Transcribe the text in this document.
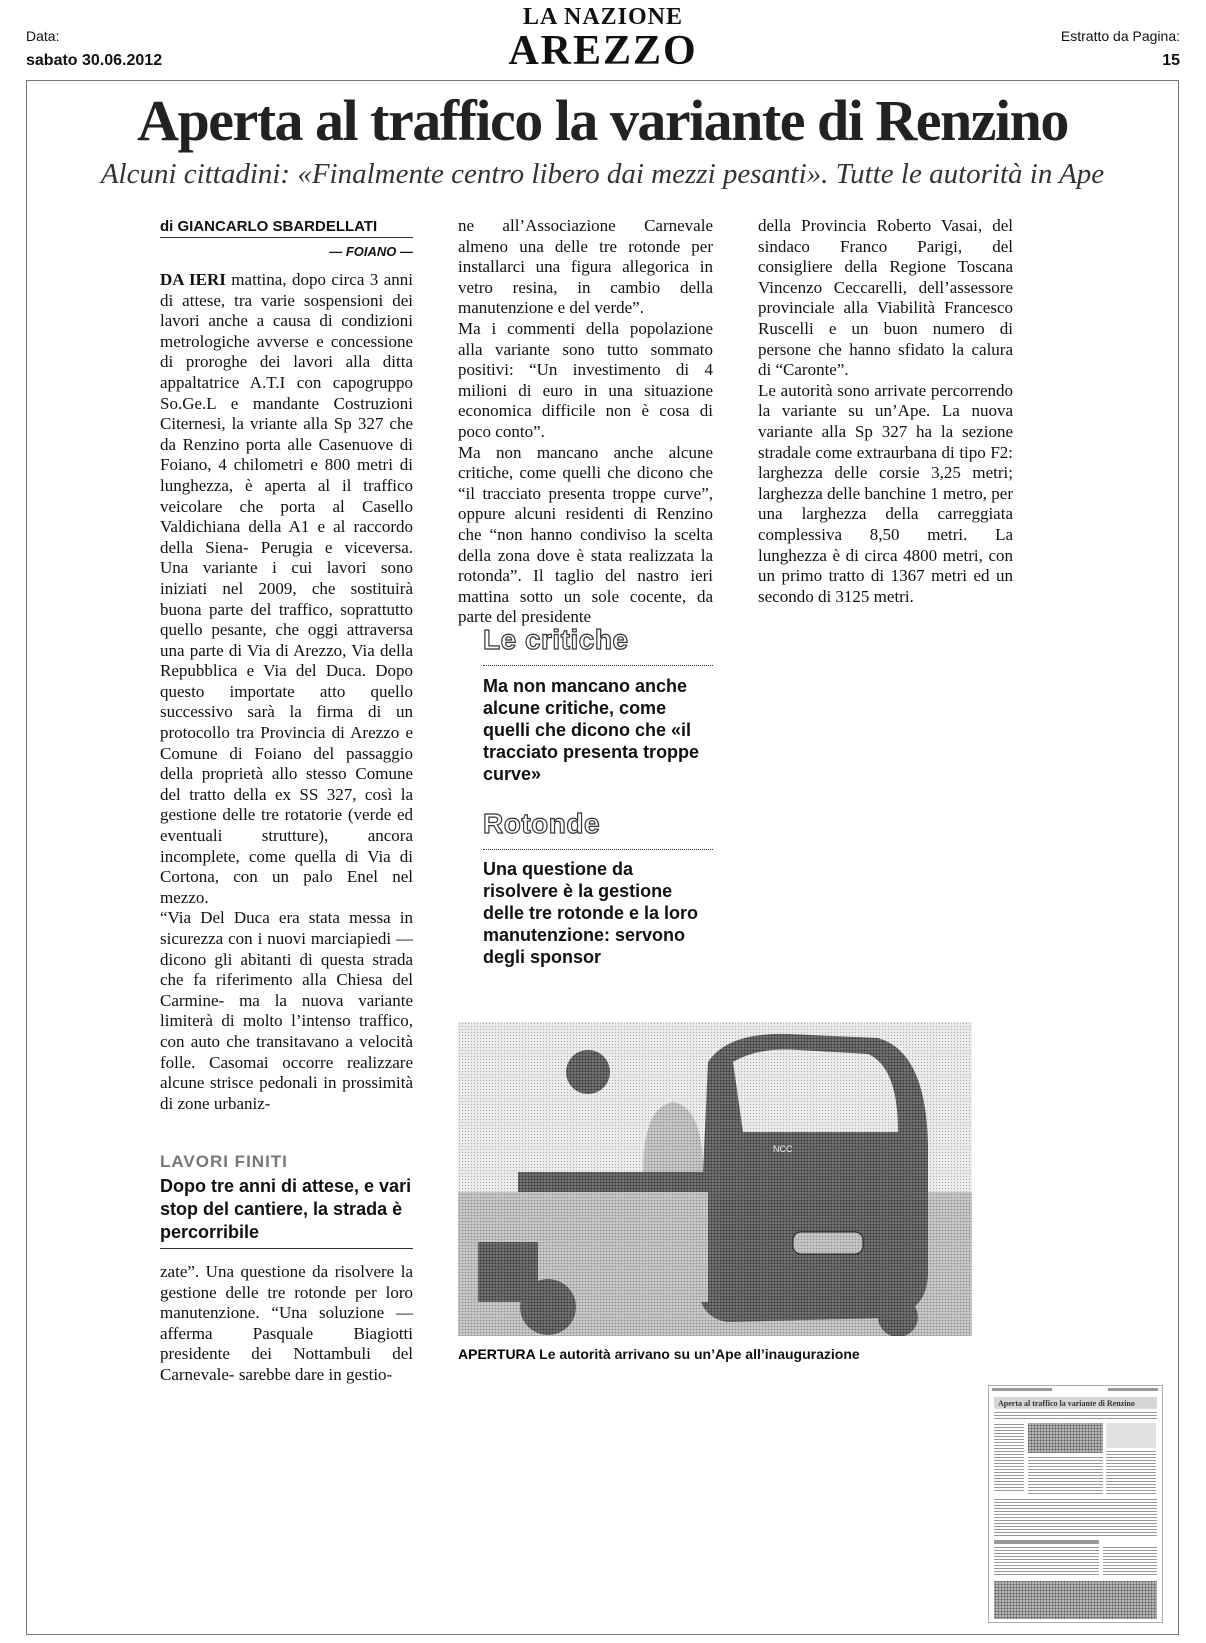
Data:
sabato 30.06.2012
LA NAZIONE
AREZZO	Estratto da Pagina:
15
Aperta al traffico la variante di Renzino
Alcuni cittadini: «Finalmente centro libero dai mezzi pesanti». Tutte le autorità in Ape
di GIANCARLO SBARDELLATI
— FOIANO —

DA IERI mattina, dopo circa 3 anni di attese, tra varie sospensioni dei lavori anche a causa di condizioni metrologiche avverse e concessione di proroghe dei lavori alla ditta appaltatrice A.T.I con capogruppo So.Ge.L e mandante Costruzioni Citernesi, la vriante alla Sp 327 che da Renzino porta alle Casenuove di Foiano, 4 chilometri e 800 metri di lunghezza, è aperta al il traffico veicolare che porta al Casello Valdichiana della A1 e al raccordo della Siena- Perugia e viceversa. Una variante i cui lavori sono iniziati nel 2009, che sostituirà buona parte del traffico, soprattutto quello pesante, che oggi attraversa una parte di Via di Arezzo, Via della Repubblica e Via del Duca. Dopo questo importate atto quello successivo sarà la firma di un protocollo tra Provincia di Arezzo e Comune di Foiano del passaggio della proprietà allo stesso Comune del tratto della ex SS 327, così la gestione delle tre rotatorie (verde ed eventuali strutture), ancora incomplete, come quella di Via di Cortona, con un palo Enel nel mezzo.

“Via Del Duca era stata messa in sicurezza con i nuovi marciapiedi — dicono gli abitanti di questa strada che fa riferimento alla Chiesa del Carmine- ma la nuova variante limiterà di molto l’intenso traffico, con auto che transitavano a velocità folle. Casomai occorre realizzare alcune strisce pedonali in prossimità di zone urbaniz-

LAVORI FINITI
Dopo tre anni di attese, e vari stop del cantiere, la strada è percorribile

zate”. Una questione da risolvere la gestione delle tre rotonde per loro manutenzione. “Una soluzione — afferma Pasquale Biagiotti presidente dei Nottambuli del Carnevale- sarebbe dare in gestio-

ne all’Associazione Carnevale almeno una delle tre rotonde per installarci una figura allegorica in vetro resina, in cambio della manutenzione e del verde”.

Ma i commenti della popolazione alla variante sono tutto sommato positivi: “Un investimento di 4 milioni di euro in una situazione economica difficile non è cosa di poco conto”.

Ma non mancano anche alcune critiche, come quelli che dicono che “il tracciato presenta troppe curve”, oppure alcuni residenti di Renzino che “non hanno condiviso la scelta della zona dove è stata realizzata la rotonda”. Il taglio del nastro ieri mattina sotto un sole cocente, da parte del presidente

della Provincia Roberto Vasai, del sindaco Franco Parigi, del consigliere della Regione Toscana Vincenzo Ceccarelli, dell’assessore provinciale alla Viabilità Francesco Ruscelli e un buon numero di persone che hanno sfidato la calura di “Caronte”.

Le autorità sono arrivate percorrendo la variante su un’Ape. La nuova variante alla Sp 327 ha la sezione stradale come extraurbana di tipo F2: larghezza delle corsie 3,25 metri; larghezza delle banchine 1 metro, per una larghezza della carreggiata complessiva 8,50 metri. La lunghezza è di circa 4800 metri, con un primo tratto di 1367 metri ed un secondo di 3125 metri.

Le critiche
Ma non mancano anche alcune critiche, come quelli che dicono che «il tracciato presenta troppe curve»
Rotonde
Una questione da risolvere è la gestione delle tre rotonde e la loro manutenzione: servono degli sponsor
NCC
APERTURA Le autorità arrivano su un’Ape all’inaugurazione
Aperta al traffico la variante di Renzino
